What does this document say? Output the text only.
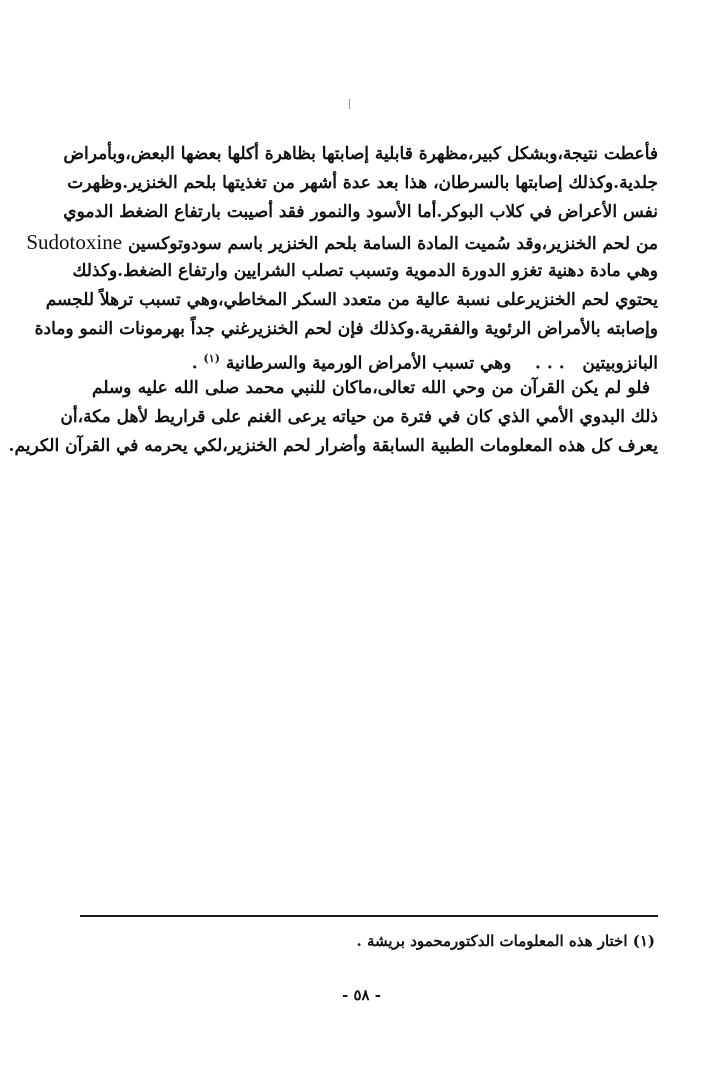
فأعطت نتيجة،وبشكل كبير،مظهرة قابلية إصابتها بظاهرة أكلها بعضها البعض،وبأمراض
جلدية.وكذلك إصابتها بالسرطان، هذا بعد عدة أشهر من تغذيتها بلحم الخنزير.وظهرت
نفس الأعراض في كلاب البوكر.أما الأسود والنمور فقد أصيبت بارتفاع الضغط الدموي
من لحم الخنزير،وقد سُميت المادة السامة بلحم الخنزير باسم سودوتوكسين Sudotoxine
وهي مادة دهنية تغزو الدورة الدموية وتسبب تصلب الشرايين وارتفاع الضغط.وكذلك
يحتوي لحم الخنزيرعلى نسبة عالية من متعدد السكر المخاطي،وهي تسبب ترهلاً للجسم
وإصابته بالأمراض الرئوية والفقرية.وكذلك فإن لحم الخنزيرغني جداً بهرمونات النمو ومادة
البانزوبيتين   . . .    وهي تسبب الأمراض الورمية والسرطانية $^{(١)}$ .
فلو لم يكن القرآن من وحي الله تعالى،ماكان للنبي محمد صلى الله عليه وسلم
ذلك البدوي الأمي الذي كان في فترة من حياته يرعى الغنم على قراريط لأهل مكة،أن
يعرف كل هذه المعلومات الطبية السابقة وأضرار لحم الخنزير،لكي يحرمه في القرآن الكريم.
(١) اختار هذه المعلومات الدكتورمحمود بريشة .
- ٥٨ -
